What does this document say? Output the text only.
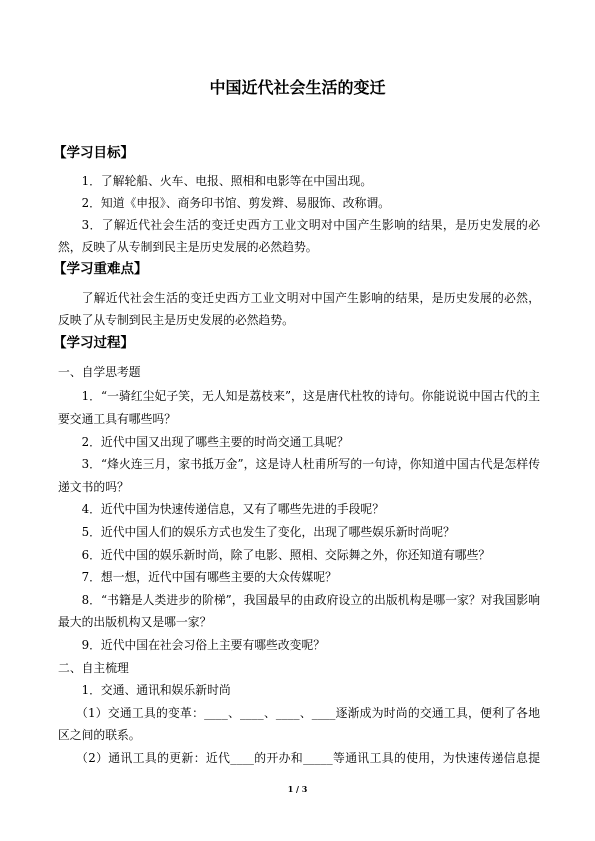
中国近代社会生活的变迁
【学习目标】
1．了解轮船、火车、电报、照相和电影等在中国出现。
2．知道《申报》、商务印书馆、剪发辫、易服饰、改称谓。
3．了解近代社会生活的变迁史西方工业文明对中国产生影响的结果，是历史发展的必
然，反映了从专制到民主是历史发展的必然趋势。
【学习重难点】
了解近代社会生活的变迁史西方工业文明对中国产生影响的结果，是历史发展的必然，
反映了从专制到民主是历史发展的必然趋势。
【学习过程】
一、自学思考题
1．“一骑红尘妃子笑，无人知是荔枝来”，这是唐代杜牧的诗句。你能说说中国古代的主
要交通工具有哪些吗？
2．近代中国又出现了哪些主要的时尚交通工具呢？
3．“烽火连三月，家书抵万金”，这是诗人杜甫所写的一句诗，你知道中国古代是怎样传
递文书的吗？
4．近代中国为快速传递信息，又有了哪些先进的手段呢？
5．近代中国人们的娱乐方式也发生了变化，出现了哪些娱乐新时尚呢？
6．近代中国的娱乐新时尚，除了电影、照相、交际舞之外，你还知道有哪些？
7．想一想，近代中国有哪些主要的大众传媒呢？
8．“书籍是人类进步的阶梯”，我国最早的由政府设立的出版机构是哪一家？对我国影响
最大的出版机构又是哪一家？
9．近代中国在社会习俗上主要有哪些改变呢？
二、自主梳理
1．交通、通讯和娱乐新时尚
（1）交通工具的变革：____、____、____、____逐渐成为时尚的交通工具，便利了各地
区之间的联系。
（2）通讯工具的更新：近代____的开办和_____等通讯工具的使用，为快速传递信息提
1 / 3
